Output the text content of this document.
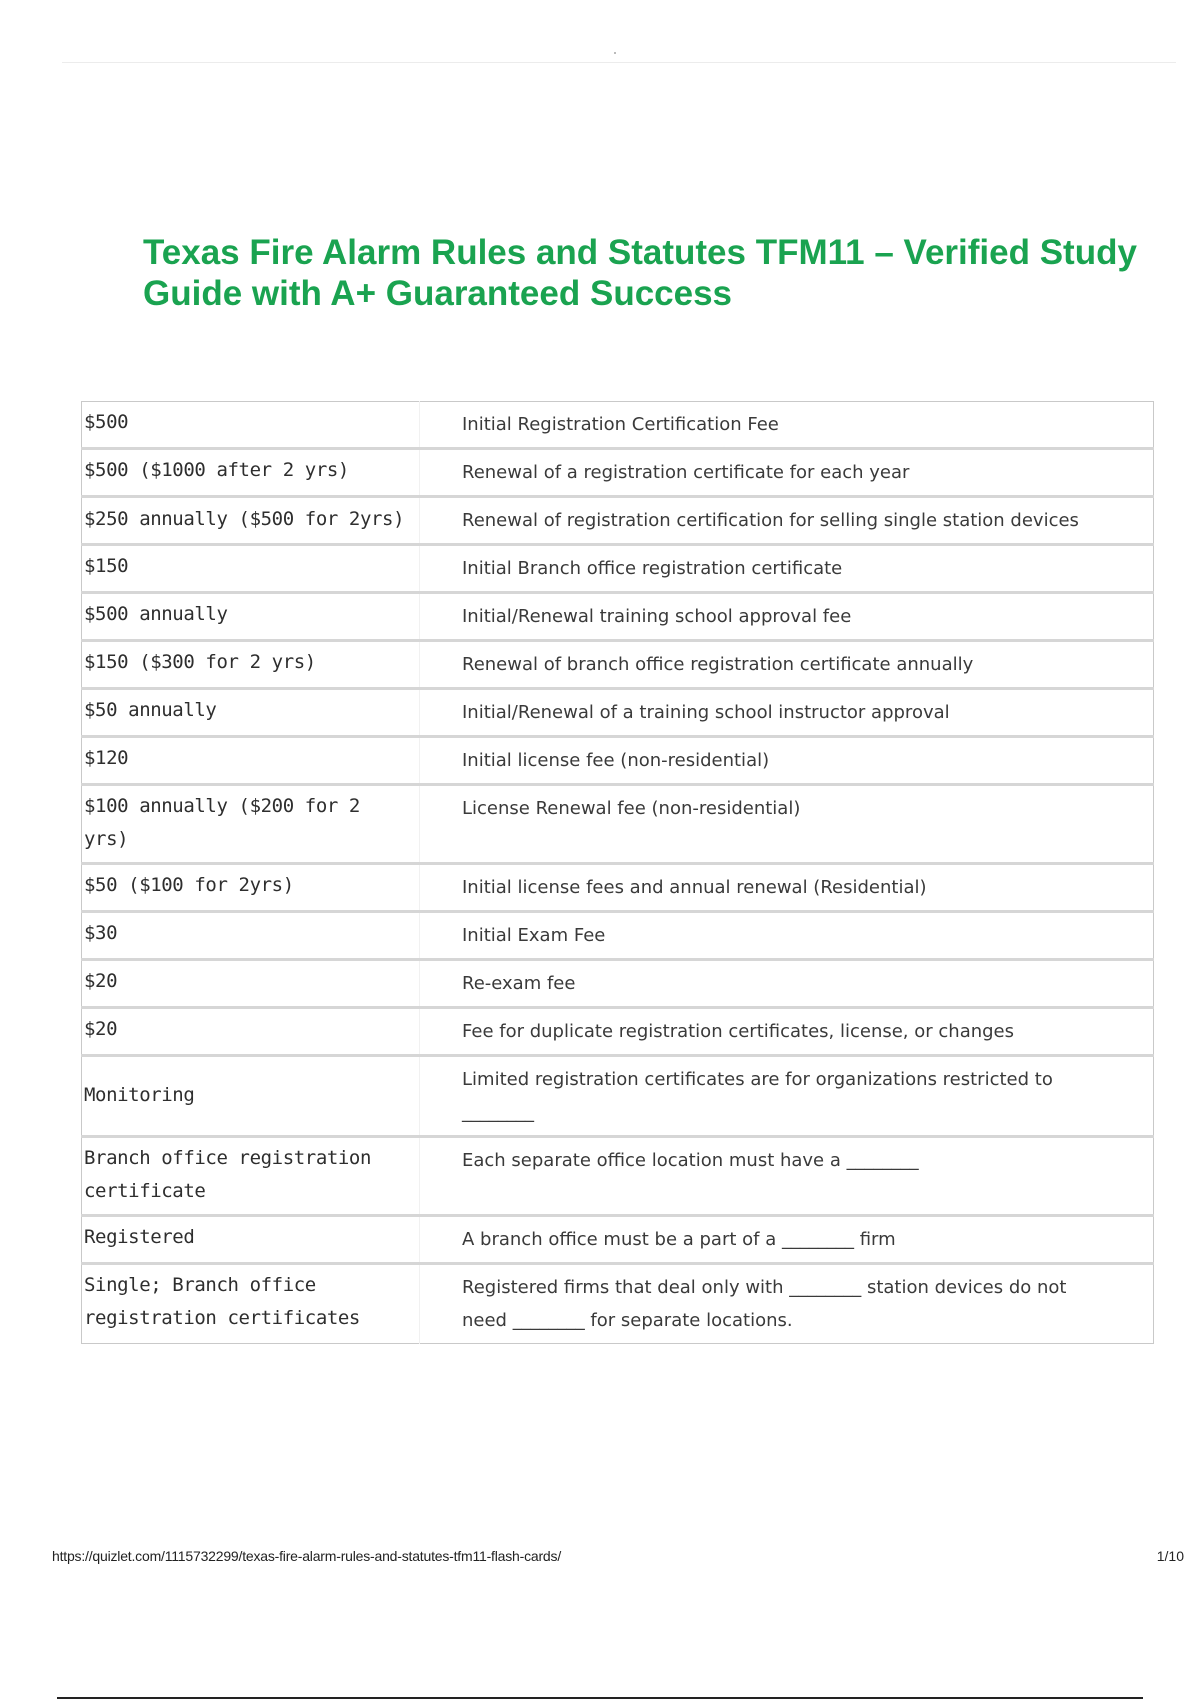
Texas Fire Alarm Rules and Statutes TFM11 – Verified Study
Guide with A+ Guaranteed Success
$500	Initial Registration Certification Fee
$500 ($1000 after 2 yrs)	Renewal of a registration certificate for each year
$250 annually ($500 for 2yrs)	Renewal of registration certification for selling single station devices
$150	Initial Branch office registration certificate
$500 annually	Initial/Renewal training school approval fee
$150 ($300 for 2 yrs)	Renewal of branch office registration certificate annually
$50 annually	Initial/Renewal of a training school instructor approval
$120	Initial license fee (non-residential)
$100 annually ($200 for 2 yrs)	License Renewal fee (non-residential)
$50 ($100 for 2yrs)	Initial license fees and annual renewal (Residential)
$30	Initial Exam Fee
$20	Re-exam fee
$20	Fee for duplicate registration certificates, license, or changes
Monitoring	Limited registration certificates are for organizations restricted to ________
Branch office registration certificate	Each separate office location must have a ________
Registered	A branch office must be a part of a ________ firm
Single; Branch office registration certificates	Registered firms that deal only with ________ station devices do not need ________ for separate locations.
https://quizlet.com/1115732299/texas-fire-alarm-rules-and-statutes-tfm11-flash-cards/	1/10
